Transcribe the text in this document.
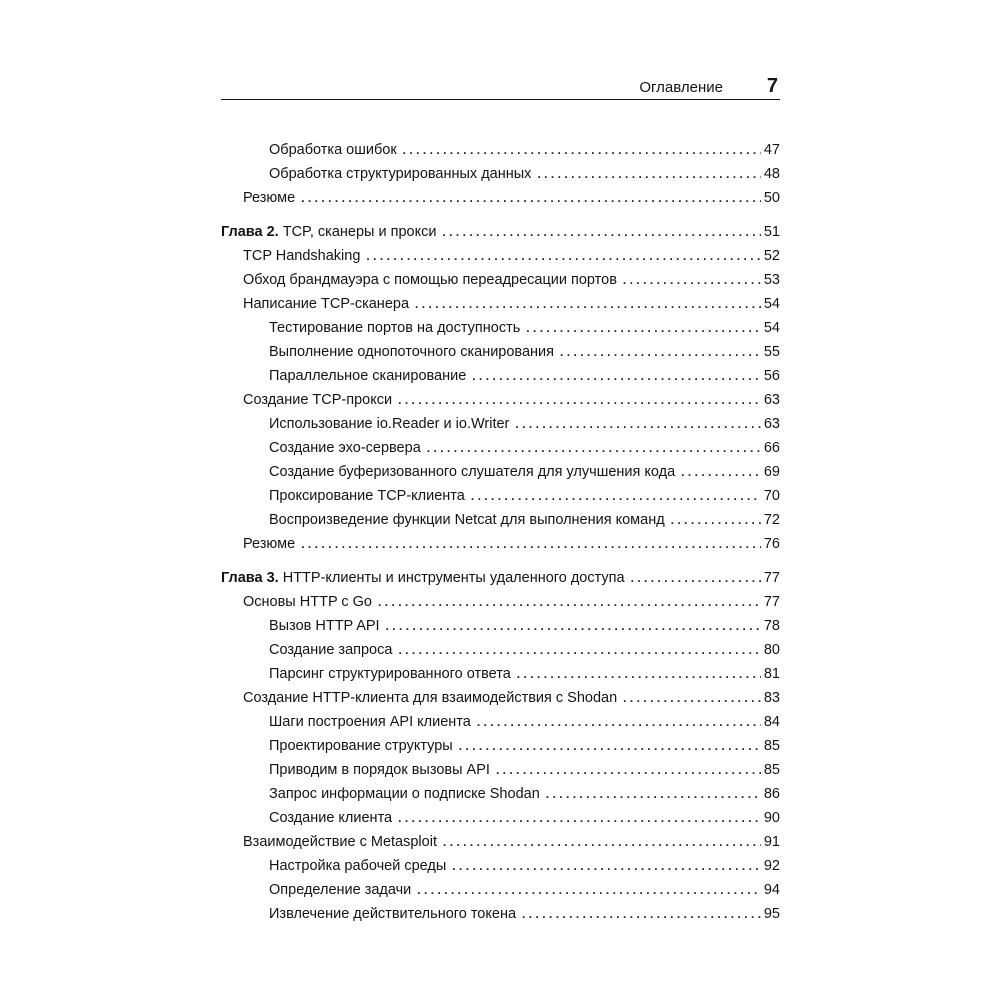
Оглавление 7
Обработка ошибок .....	47
Обработка структурированных данных .....	48
Резюме .....	50
Глава 2. TCP, сканеры и прокси .....	51
TCP Handshaking .....	52
Обход брандмауэра с помощью переадресации портов .....	53
Написание TCP-сканера .....	54
Тестирование портов на доступность .....	54
Выполнение однопоточного сканирования .....	55
Параллельное сканирование .....	56
Создание TCP-прокси .....	63
Использование io.Reader и io.Writer .....	63
Создание эхо-сервера .....	66
Создание буферизованного слушателя для улучшения кода .....	69
Проксирование TCP-клиента .....	70
Воспроизведение функции Netcat для выполнения команд .....	72
Резюме .....	76
Глава 3. HTTP-клиенты и инструменты удаленного доступа .....	77
Основы HTTP с Go .....	77
Вызов HTTP API .....	78
Создание запроса .....	80
Парсинг структурированного ответа .....	81
Создание HTTP-клиента для взаимодействия с Shodan .....	83
Шаги построения API клиента .....	84
Проектирование структуры .....	85
Приводим в порядок вызовы API .....	85
Запрос информации о подписке Shodan .....	86
Создание клиента .....	90
Взаимодействие с Metasploit .....	91
Настройка рабочей среды .....	92
Определение задачи .....	94
Извлечение действительного токена .....	95
